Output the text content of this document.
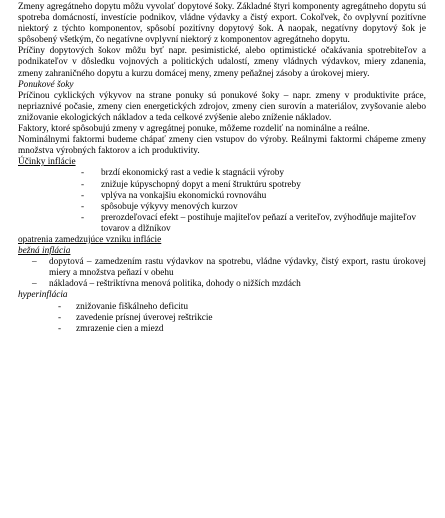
Zmeny agregátneho dopytu môžu vyvolať dopytové šoky. Základné štyri komponenty agregátneho dopytu sú spotreba domácností, investície podnikov, vládne výdavky a čistý export. Cokoľvek, čo ovplyvní pozitívne niektorý z týchto komponentov, spôsobí pozitívny dopytový šok. A naopak, negatívny dopytový šok je spôsobený všetkým, čo negatívne ovplyvní niektorý z komponentov agregátneho dopytu.

Príčiny dopytových šokov môžu byť napr. pesimistické, alebo optimistické očakávania spotrebiteľov a podnikateľov v dôsledku vojnových a politických udalostí, zmeny vládnych výdavkov, miery zdanenia, zmeny zahraničného dopytu a kurzu domácej meny, zmeny peňažnej zásoby a úrokovej miery.

Ponukové šoky

Príčinou cyklických výkyvov na strane ponuky sú ponukové šoky – napr. zmeny v produktivite práce, nepriaznivé počasie, zmeny cien energetických zdrojov, zmeny cien surovín a materiálov, zvyšovanie alebo znižovanie ekologických nákladov a teda celkové zvýšenie alebo zníženie nákladov.

Faktory, ktoré spôsobujú zmeny v agregátnej ponuke, môžeme rozdeliť na nominálne a reálne.

Nominálnymi faktormi budeme chápať zmeny cien vstupov do výroby. Reálnymi faktormi chápeme zmeny množstva výrobných faktorov a ich produktivity.

Účinky inflácie

- brzdí ekonomický rast a vedie k stagnácii výroby
- znižuje kúpyschopný dopyt a mení štruktúru spotreby
- vplýva na vonkajšiu ekonomickú rovnováhu
- spôsobuje výkyvy menových kurzov
- prerozdeľovací efekt – postihuje majiteľov peňazí a veriteľov, zvýhodňuje majiteľov tovarov a dlžníkov

opatrenia zamedzujúce vzniku inflácie

bežná inflácia

– dopytová – zamedzením rastu výdavkov na spotrebu, vládne výdavky, čistý export, rastu úrokovej miery a množstva peňazí v obehu
– nákladová – reštriktívna menová politika, dohody o nižších mzdách

hyperinflácia

- znižovanie fiškálneho deficitu
- zavedenie prísnej úverovej reštrikcie
- zmrazenie cien a miezd
